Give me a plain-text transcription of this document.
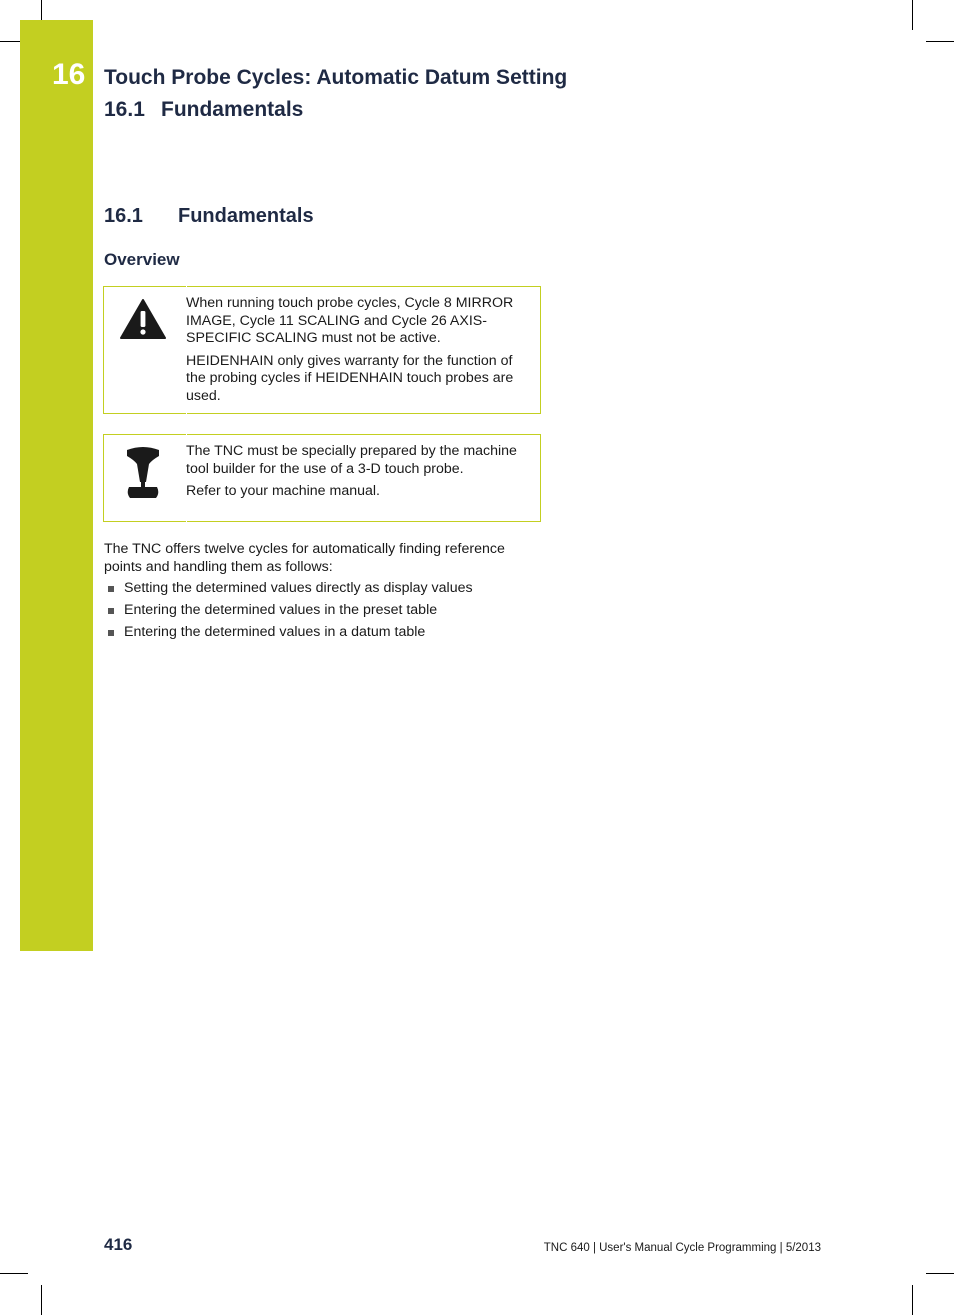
16 Touch Probe Cycles: Automatic Datum Setting
16.1 Fundamentals
16.1 Fundamentals
Overview

When running touch probe cycles, Cycle 8 MIRROR IMAGE, Cycle 11 SCALING and Cycle 26 AXIS-SPECIFIC SCALING must not be active.

HEIDENHAIN only gives warranty for the function of the probing cycles if HEIDENHAIN touch probes are used.

The TNC must be specially prepared by the machine tool builder for the use of a 3-D touch probe.

Refer to your machine manual.

The TNC offers twelve cycles for automatically finding reference points and handling them as follows:
Setting the determined values directly as display values
Entering the determined values in the preset table
Entering the determined values in a datum table
416	TNC 640 | User's Manual Cycle Programming | 5/2013
